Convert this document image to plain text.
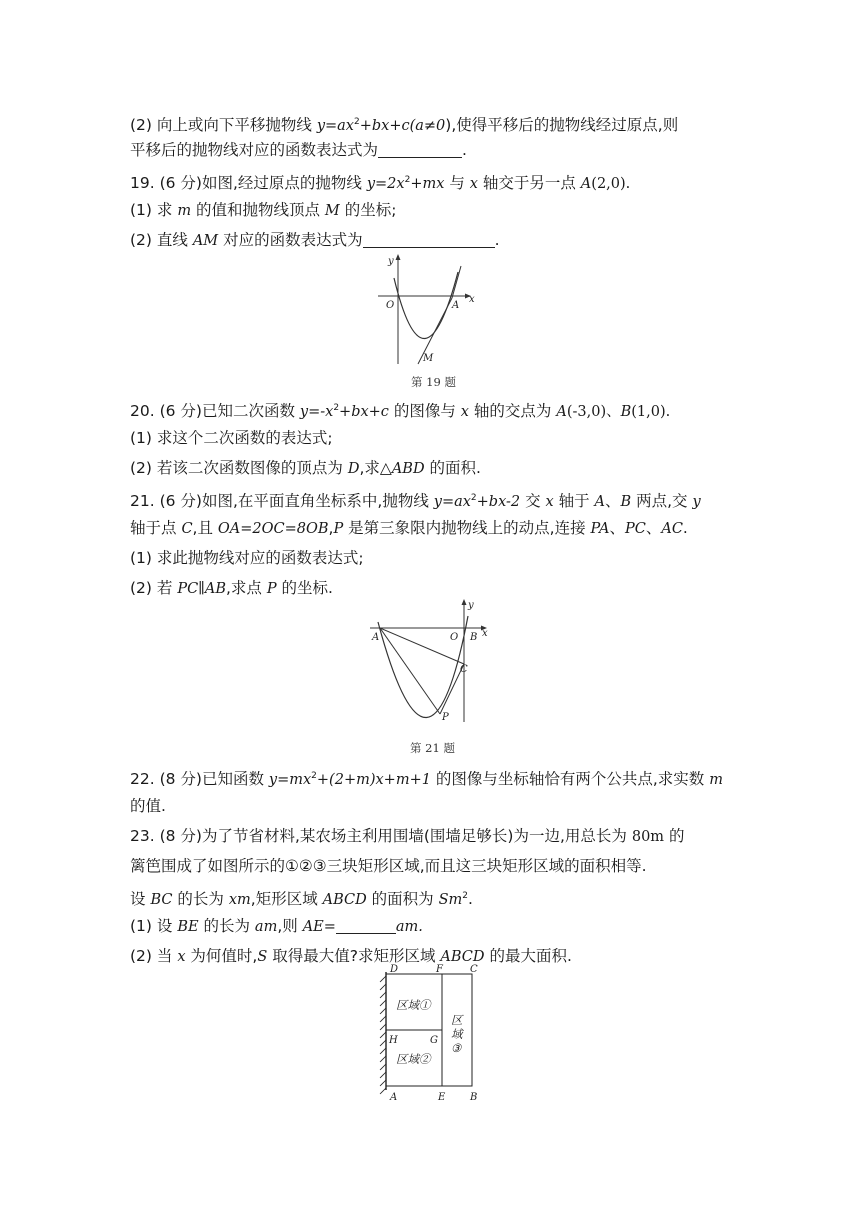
(2) 向上或向下平移抛物线 $y=ax^2+bx+c(a\ne 0)$,使得平移后的抛物线经过原点,则
平移后的抛物线对应的函数表达式为	.
19. (6 分)如图,经过原点的抛物线 $y=2x^2+mx$ 与 x 轴交于另一点 A(2,0).
(1) 求 m 的值和抛物线顶点 M 的坐标;
(2) 直线 AM 对应的函数表达式为	.
y
x
O	A
M
第 19 题
20. (6 分)已知二次函数 $y=-x^2+bx+c$ 的图像与 x 轴的交点为 A(-3,0)、B(1,0).
(1) 求这个二次函数的表达式;
(2) 若该二次函数图像的顶点为 D,求△ABD 的面积.
21. (6 分)如图,在平面直角坐标系中,抛物线 $y=ax^2+bx-2$ 交 x 轴于 A、B 两点,交 y
轴于点 C,且 OA=2OC=8OB,P 是第三象限内抛物线上的动点,连接 PA、PC、AC.
(1) 求此抛物线对应的函数表达式;
(2) 若 PC∥AB,求点 P 的坐标.
y
x
A	O B
C
P
第 21 题
22. (8 分)已知函数 $y=mx^2+(2+m)x+m+1$ 的图像与坐标轴恰有两个公共点,求实数 m
的值.
23. (8 分)为了节省材料,某农场主利用围墙(围墙足够长)为一边,用总长为 80m 的
篱笆围成了如图所示的①②③三块矩形区域,而且这三块矩形区域的面积相等.
设 BC 的长为 xm,矩形区域 ABCD 的面积为 Sm$^2$.
(1) 设 BE 的长为 am,则 AE=	am.
(2) 当 x 为何值时,S 取得最大值?求矩形区域 ABCD 的最大面积.
D	F	C
H	G
A	E B
区域①
区域②
区
域
③
